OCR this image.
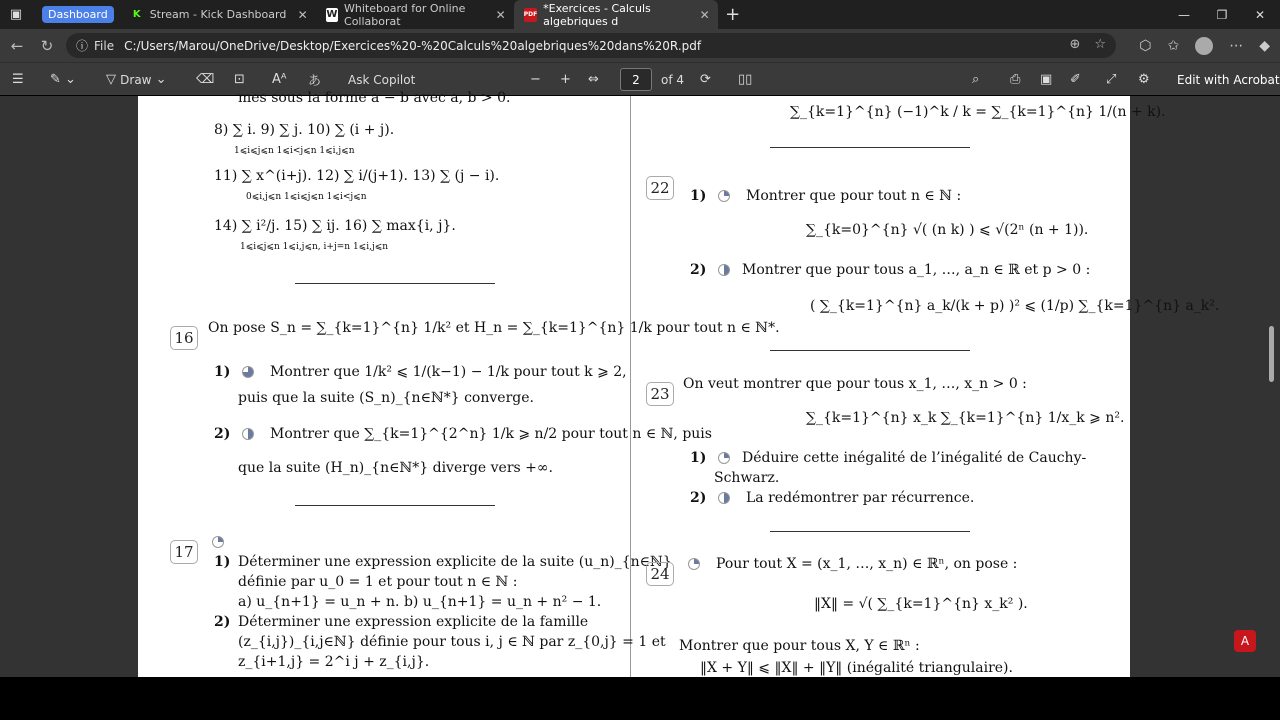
▣	Dashboard	K Stream - Kick Dashboard ✕ W Whiteboard for Online Collaborat	✕	PDF *Exercices - Calculs algebriques d	✕ +	—	❐	✕
←	↻	ⓘ File C:/Users/Marou/OneDrive/Desktop/Exercices%20-%20Calculs%20algebriques%20dans%20R.pdf	⊕ ☆ ⬡ ✩	⋯ ◆
☰ ✎ ⌄ ▽
Draw ⌄ ⌫ ⊡ Aᴬ あ Ask Copilot	− + ⇔	2	of 4 ⟳ ▯▯	⌕ ⎙ ▣ ✐ ⤢ ⚙ Edit with Acrobat
mes sous la forme a − b avec a, b > 0.
8) ∑ i. 9) ∑ j. 10) ∑ (i + j).
1⩽i⩽j⩽n 1⩽i<j⩽n 1⩽i,j⩽n
11) ∑ x^(i+j). 12) ∑ i/(j+1). 13) ∑ (j − i).
0⩽i,j⩽n 1⩽i⩽j⩽n 1⩽i<j⩽n
14) ∑ i²/j. 15) ∑ ij. 16) ∑ max{i, j}.
1⩽i⩽j⩽n 1⩽i,j⩽n, i+j=n 1⩽i,j⩽n
16
On pose S_n = ∑_{k=1}^{n} 1/k² et H_n = ∑_{k=1}^{n} 1/k pour tout n ∈ ℕ*.
1)	Montrer que 1/k² ⩽ 1/(k−1) − 1/k pour tout k ⩾ 2,
puis que la suite (S_n)_{n∈ℕ*} converge.
2)	Montrer que ∑_{k=1}^{2^n} 1/k ⩾ n/2 pour tout n ∈ ℕ, puis
que la suite (H_n)_{n∈ℕ*} diverge vers +∞.
17
1) Déterminer une expression explicite de la suite (u_n)_{n∈ℕ}
définie par u_0 = 1 et pour tout n ∈ ℕ :
a) u_{n+1} = u_n + n. b) u_{n+1} = u_n + n² − 1.
2) Déterminer une expression explicite de la famille
(z_{i,j})_{i,j∈ℕ} définie pour tous i, j ∈ ℕ par z_{0,j} = 1 et
z_{i+1,j} = 2^i j + z_{i,j}.
∑_{k=1}^{n} (−1)^k / k = ∑_{k=1}^{n} 1/(n + k).
22	1)	Montrer que pour tout n ∈ ℕ :
∑_{k=0}^{n} √( (n k) ) ⩽ √(2ⁿ (n + 1)).
2)	Montrer que pour tous a_1, …, a_n ∈ ℝ et p > 0 :
( ∑_{k=1}^{n} a_k/(k + p) )² ⩽ (1/p) ∑_{k=1}^{n} a_k².
23
On veut montrer que pour tous x_1, …, x_n > 0 :
∑_{k=1}^{n} x_k ∑_{k=1}^{n} 1/x_k ⩾ n².
1)	Déduire cette inégalité de l’inégalité de Cauchy-
Schwarz.
2)	La redémontrer par récurrence.
24
Pour tout X = (x_1, …, x_n) ∈ ℝⁿ, on pose :
‖X‖ = √( ∑_{k=1}^{n} x_k² ).
Montrer que pour tous X, Y ∈ ℝⁿ :
‖X + Y‖ ⩽ ‖X‖ + ‖Y‖ (inégalité triangulaire).
A
